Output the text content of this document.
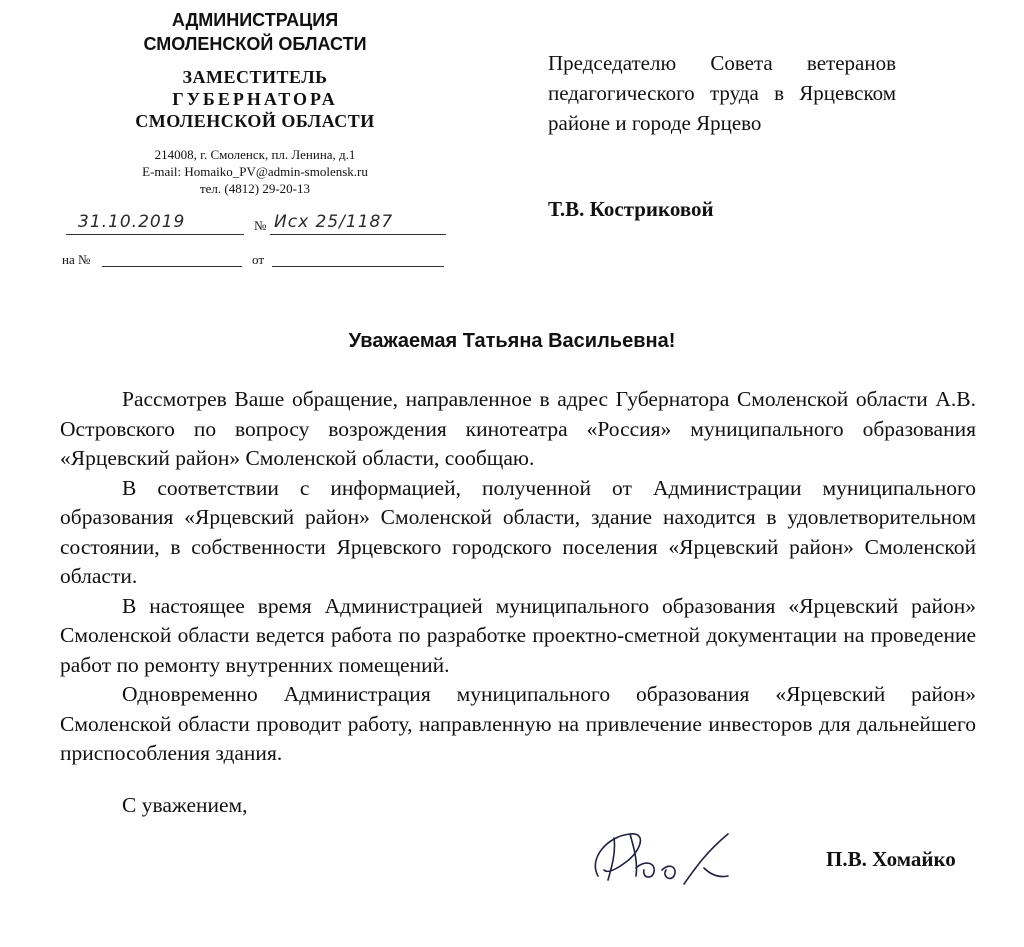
АДМИНИСТРАЦИЯ
СМОЛЕНСКОЙ ОБЛАСТИ
ЗАМЕСТИТЕЛЬ
ГУБЕРНАТОРА
СМОЛЕНСКОЙ ОБЛАСТИ
214008, г. Смоленск, пл. Ленина, д.1
E-mail: Homaiko_PV@admin-smolensk.ru
тел. (4812) 29-20-13
31.10.2019	№ Исх 25/1187
на №	от
Председателю Совета ветеранов педагогического труда в Ярцевском районе и городе Ярцево
Т.В. Костриковой
Уважаемая Татьяна Васильевна!

Рассмотрев Ваше обращение, направленное в адрес Губернатора Смоленской области А.В. Островского по вопросу возрождения кинотеатра «Россия» муниципального образования «Ярцевский район» Смоленской области, сообщаю.

В соответствии с информацией, полученной от Администрации муниципального образования «Ярцевский район» Смоленской области, здание находится в удовлетворительном состоянии, в собственности Ярцевского городского поселения «Ярцевский район» Смоленской области.

В настоящее время Администрацией муниципального образования «Ярцевский район» Смоленской области ведется работа по разработке проектно-сметной документации на проведение работ по ремонту внутренних помещений.

Одновременно Администрация муниципального образования «Ярцевский район» Смоленской области проводит работу, направленную на привлечение инвесторов для дальнейшего приспособления здания.

С уважением,
П.В. Хомайко
